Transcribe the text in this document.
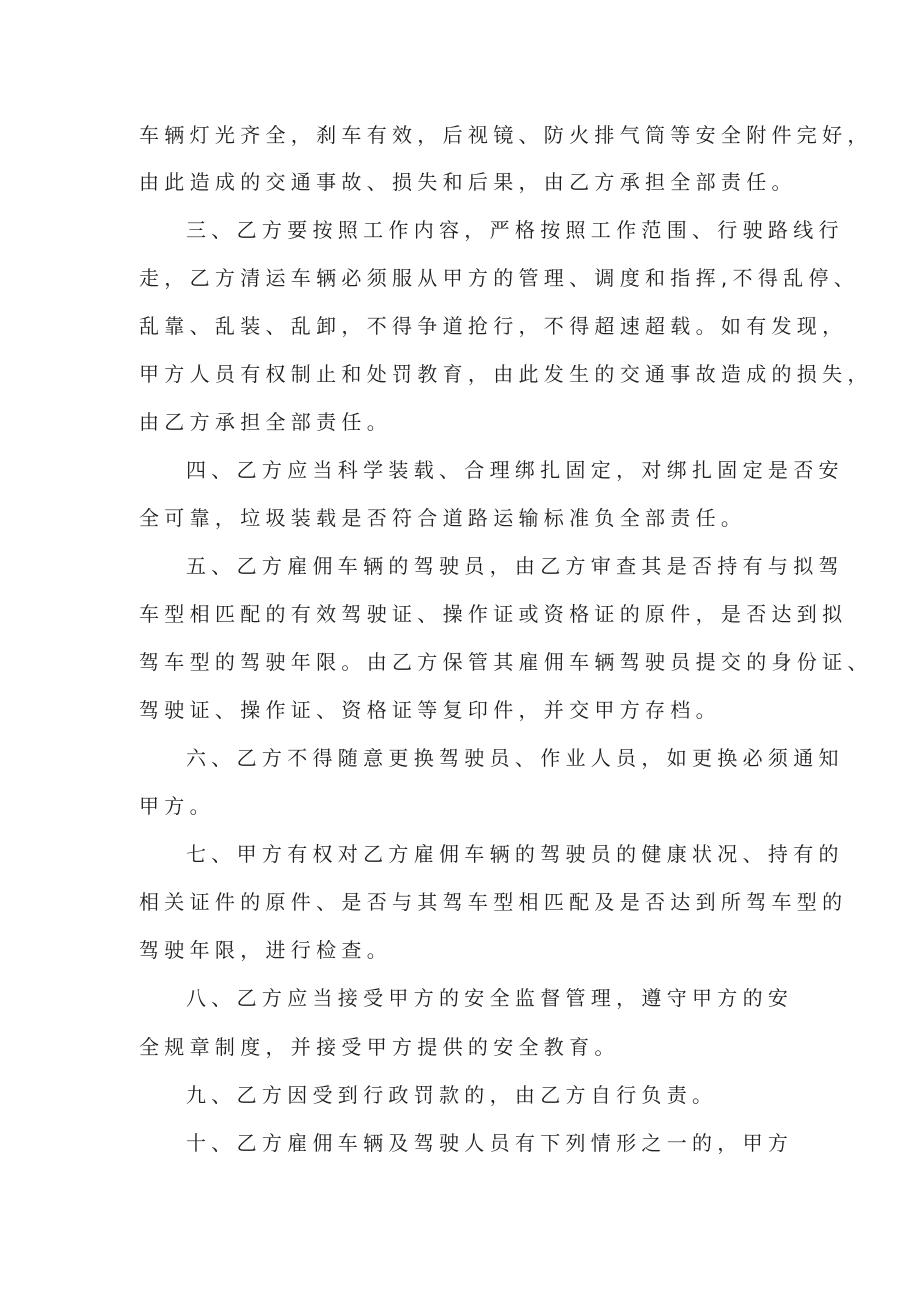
车辆灯光齐全，刹车有效，后视镜、防火排气筒等安全附件完好，
由此造成的交通事故、损失和后果，由乙方承担全部责任。
三、乙方要按照工作内容，严格按照工作范围、行驶路线行
走，乙方清运车辆必须服从甲方的管理、调度和指挥,不得乱停、
乱靠、乱装、乱卸，不得争道抢行，不得超速超载。如有发现，
甲方人员有权制止和处罚教育，由此发生的交通事故造成的损失，
由乙方承担全部责任。
四、乙方应当科学装载、合理绑扎固定，对绑扎固定是否安
全可靠，垃圾装载是否符合道路运输标准负全部责任。
五、乙方雇佣车辆的驾驶员，由乙方审查其是否持有与拟驾
车型相匹配的有效驾驶证、操作证或资格证的原件，是否达到拟
驾车型的驾驶年限。由乙方保管其雇佣车辆驾驶员提交的身份证、
驾驶证、操作证、资格证等复印件，并交甲方存档。
六、乙方不得随意更换驾驶员、作业人员，如更换必须通知
甲方。
七、甲方有权对乙方雇佣车辆的驾驶员的健康状况、持有的
相关证件的原件、是否与其驾车型相匹配及是否达到所驾车型的
驾驶年限，进行检查。
八、乙方应当接受甲方的安全监督管理，遵守甲方的安
全规章制度，并接受甲方提供的安全教育。
九、乙方因受到行政罚款的，由乙方自行负责。
十、乙方雇佣车辆及驾驶人员有下列情形之一的，甲方
